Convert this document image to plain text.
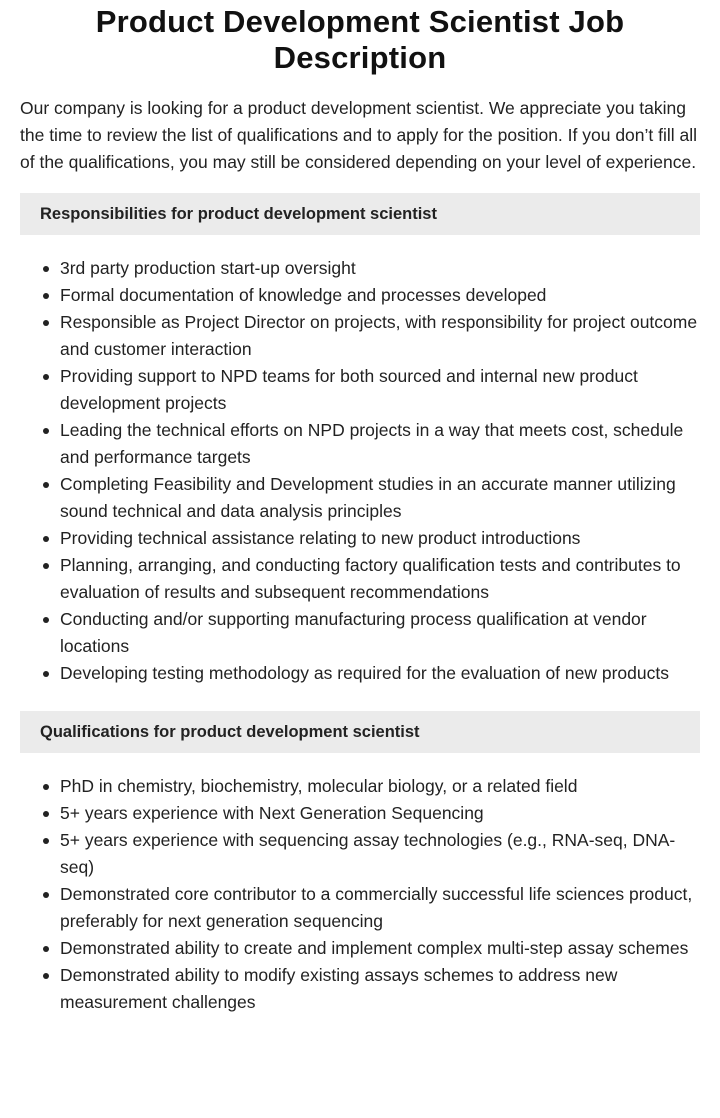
Product Development Scientist Job Description

Our company is looking for a product development scientist. We appreciate you taking the time to review the list of qualifications and to apply for the position. If you don’t fill all of the qualifications, you may still be considered depending on your level of experience.

Responsibilities for product development scientist
3rd party production start-up oversight
Formal documentation of knowledge and processes developed
Responsible as Project Director on projects, with responsibility for project outcome and customer interaction
Providing support to NPD teams for both sourced and internal new product development projects
Leading the technical efforts on NPD projects in a way that meets cost, schedule and performance targets
Completing Feasibility and Development studies in an accurate manner utilizing sound technical and data analysis principles
Providing technical assistance relating to new product introductions
Planning, arranging, and conducting factory qualification tests and contributes to evaluation of results and subsequent recommendations
Conducting and/or supporting manufacturing process qualification at vendor locations
Developing testing methodology as required for the evaluation of new products
Qualifications for product development scientist
PhD in chemistry, biochemistry, molecular biology, or a related field
5+ years experience with Next Generation Sequencing
5+ years experience with sequencing assay technologies (e.g., RNA-seq, DNA-seq)
Demonstrated core contributor to a commercially successful life sciences product, preferably for next generation sequencing
Demonstrated ability to create and implement complex multi-step assay schemes
Demonstrated ability to modify existing assays schemes to address new measurement challenges
